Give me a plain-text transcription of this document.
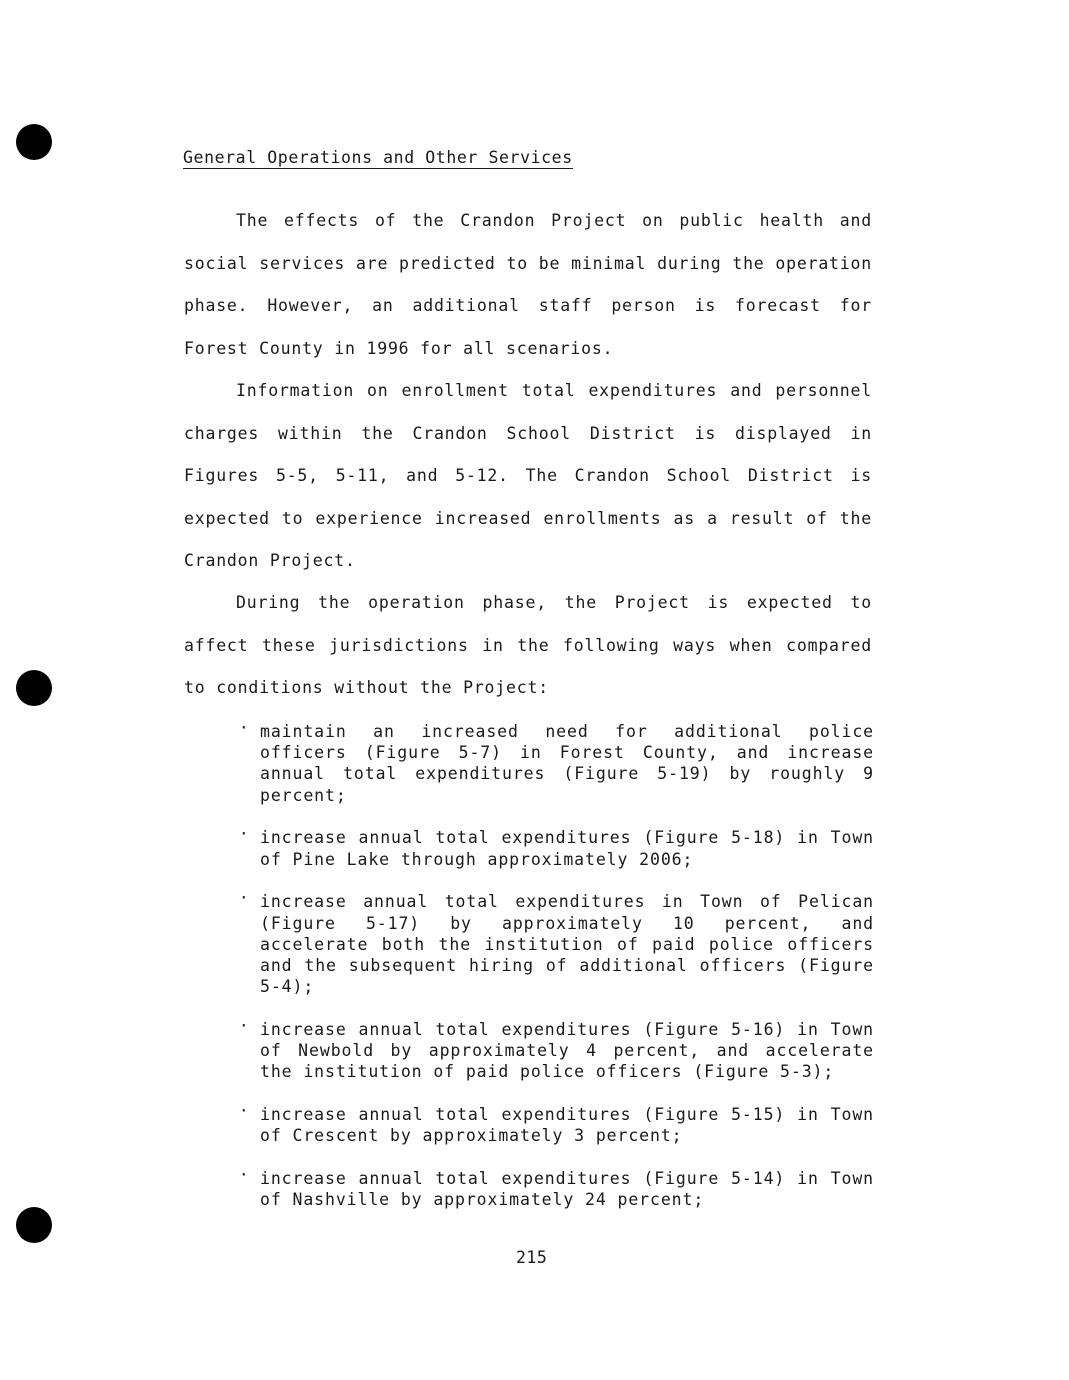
General Operations and Other Services

The effects of the Crandon Project on public health and social services are predicted to be minimal during the operation phase. However, an additional staff person is forecast for Forest County in 1996 for all scenarios.

Information on enrollment total expenditures and personnel charges within the Crandon School District is displayed in Figures 5-5, 5-11, and 5-12. The Crandon School District is expected to experience increased enrollments as a result of the Crandon Project.

During the operation phase, the Project is expected to affect these jurisdictions in the following ways when compared to conditions without the Project:

· maintain an increased need for additional police officers (Figure 5-7) in Forest County, and increase annual total expenditures (Figure 5-19) by roughly 9 percent;
· increase annual total expenditures (Figure 5-18) in Town of Pine Lake through approximately 2006;
· increase annual total expenditures in Town of Pelican (Figure 5-17) by approximately 10 percent, and accelerate both the institution of paid police officers and the subsequent hiring of additional officers (Figure 5-4);
· increase annual total expenditures (Figure 5-16) in Town of Newbold by approximately 4 percent, and accelerate the institution of paid police officers (Figure 5-3);
· increase annual total expenditures (Figure 5-15) in Town of Crescent by approximately 3 percent;
· increase annual total expenditures (Figure 5-14) in Town of Nashville by approximately 24 percent;
215
